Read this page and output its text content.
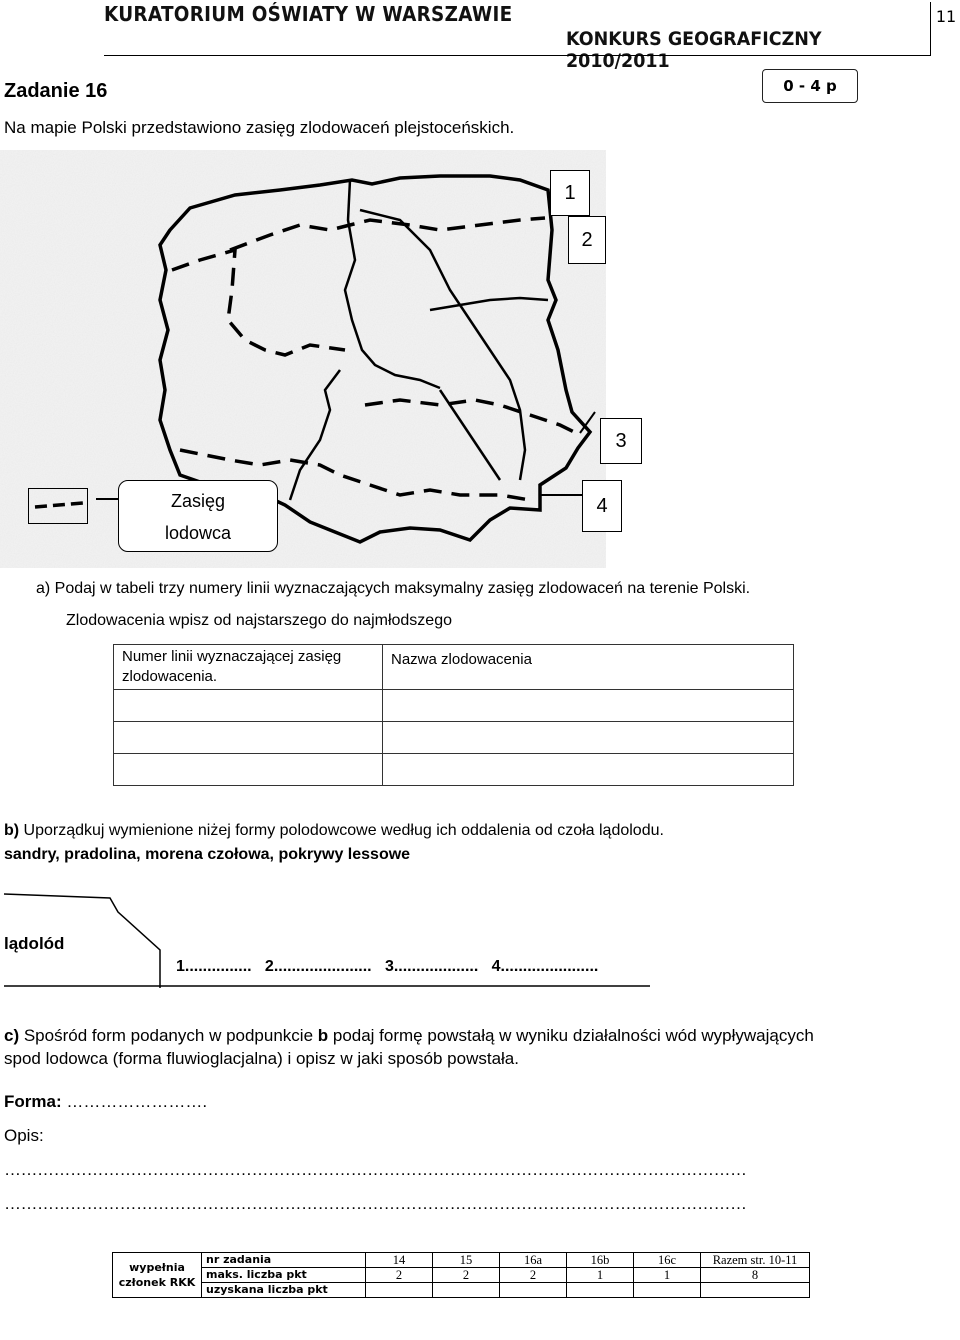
KURATORIUM OŚWIATY W WARSZAWIE
KONKURS GEOGRAFICZNY 2010/2011
11
Zadanie 16	0 - 4 p
Na mapie Polski przedstawiono zasięg zlodowaceń plejstoceńskich.
1
2
3
4
Zasięg
lodowca
a) Podaj w tabeli trzy numery linii wyznaczających maksymalny zasięg zlodowaceń na terenie Polski.
Zlodowacenia wpisz od najstarszego do najmłodszego
Numer linii wyznaczającej zasięg zlodowacenia.	Nazwa zlodowacenia

b) Uporządkuj wymienione niżej formy polodowcowe według ich oddalenia od czoła lądolodu.
sandry, pradolina, morena czołowa, pokrywy lessowe
lądolód
1...............   2......................   3...................   4......................
c) Spośród form podanych w podpunkcie b podaj formę powstałą w wyniku działalności wód wypływających spod lodowca (forma fluwioglacjalna) i opisz w jaki sposób powstała.
Forma: …………………….
Opis:
………………………………………………………………………………………………………………………
………………………………………………………………………………………………………………………
wypełnia członek RKK	nr zadania	14	15	16a	16b	16c	Razem str. 10-11
	maks. liczba pkt	2	2	2	1	1	8
	uzyskana liczba pkt						
